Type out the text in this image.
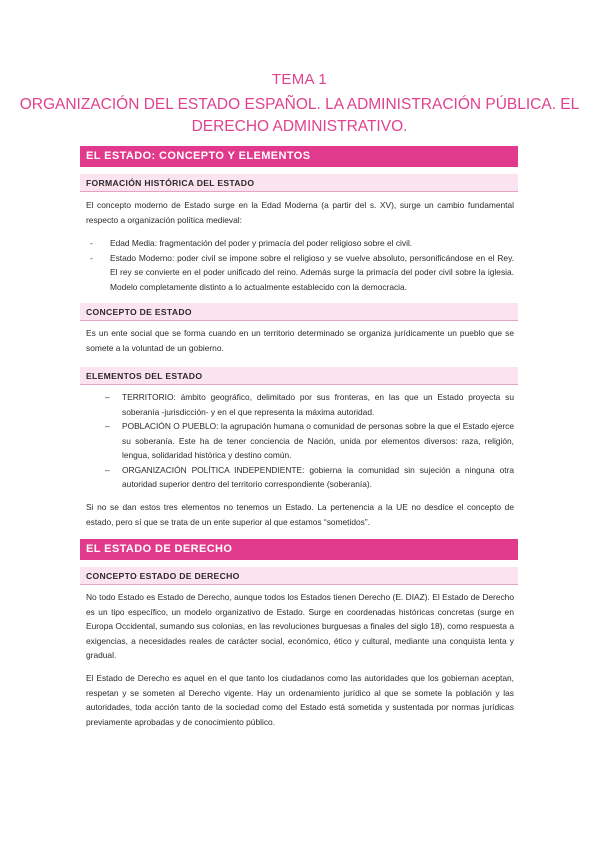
TEMA 1
ORGANIZACIÓN DEL ESTADO ESPAÑOL. LA ADMINISTRACIÓN PÚBLICA. EL DERECHO ADMINISTRATIVO.
EL ESTADO: CONCEPTO Y ELEMENTOS
FORMACIÓN HISTÓRICA DEL ESTADO
El concepto moderno de Estado surge en la Edad Moderna (a partir del s. XV), surge un cambio fundamental respecto a organización política medieval:
- Edad Media: fragmentación del poder y primacía del poder religioso sobre el civil.
- Estado Moderno: poder civil se impone sobre el religioso y se vuelve absoluto, personificándose en el Rey. El rey se convierte en el poder unificado del reino. Además surge la primacía del poder civil sobre la iglesia. Modelo completamente distinto a lo actualmente establecido con la democracia.
CONCEPTO DE ESTADO
Es un ente social que se forma cuando en un territorio determinado se organiza jurídicamente un pueblo que se somete a la voluntad de un gobierno.
ELEMENTOS DEL ESTADO
– TERRITORIO: ámbito geográfico, delimitado por sus fronteras, en las que un Estado proyecta su soberanía -jurisdicción- y en el que representa la máxima autoridad.
– POBLACIÓN O PUEBLO: la agrupación humana o comunidad de personas sobre la que el Estado ejerce su soberanía. Este ha de tener conciencia de Nación, unida por elementos diversos: raza, religión, lengua, solidaridad histórica y destino común.
– ORGANIZACIÓN POLÍTICA INDEPENDIENTE: gobierna la comunidad sin sujeción a ninguna otra autoridad superior dentro del territorio correspondiente (soberanía).
Si no se dan estos tres elementos no tenemos un Estado. La pertenencia a la UE no desdice el concepto de estado, pero sí que se trata de un ente superior al que estamos “sometidos”.
EL ESTADO DE DERECHO
CONCEPTO ESTADO DE DERECHO
No todo Estado es Estado de Derecho, aunque todos los Estados tienen Derecho (E. DIAZ). El Estado de Derecho es un tipo específico, un modelo organizativo de Estado. Surge en coordenadas históricas concretas (surge en Europa Occidental, sumando sus colonias, en las revoluciones burguesas a finales del siglo 18), como respuesta a exigencias, a necesidades reales de carácter social, económico, ético y cultural, mediante una conquista lenta y gradual.
El Estado de Derecho es aquel en el que tanto los ciudadanos como las autoridades que los gobiernan aceptan, respetan y se someten al Derecho vigente. Hay un ordenamiento jurídico al que se somete la población y las autoridades, toda acción tanto de la sociedad como del Estado está sometida y sustentada por normas jurídicas previamente aprobadas y de conocimiento público.
